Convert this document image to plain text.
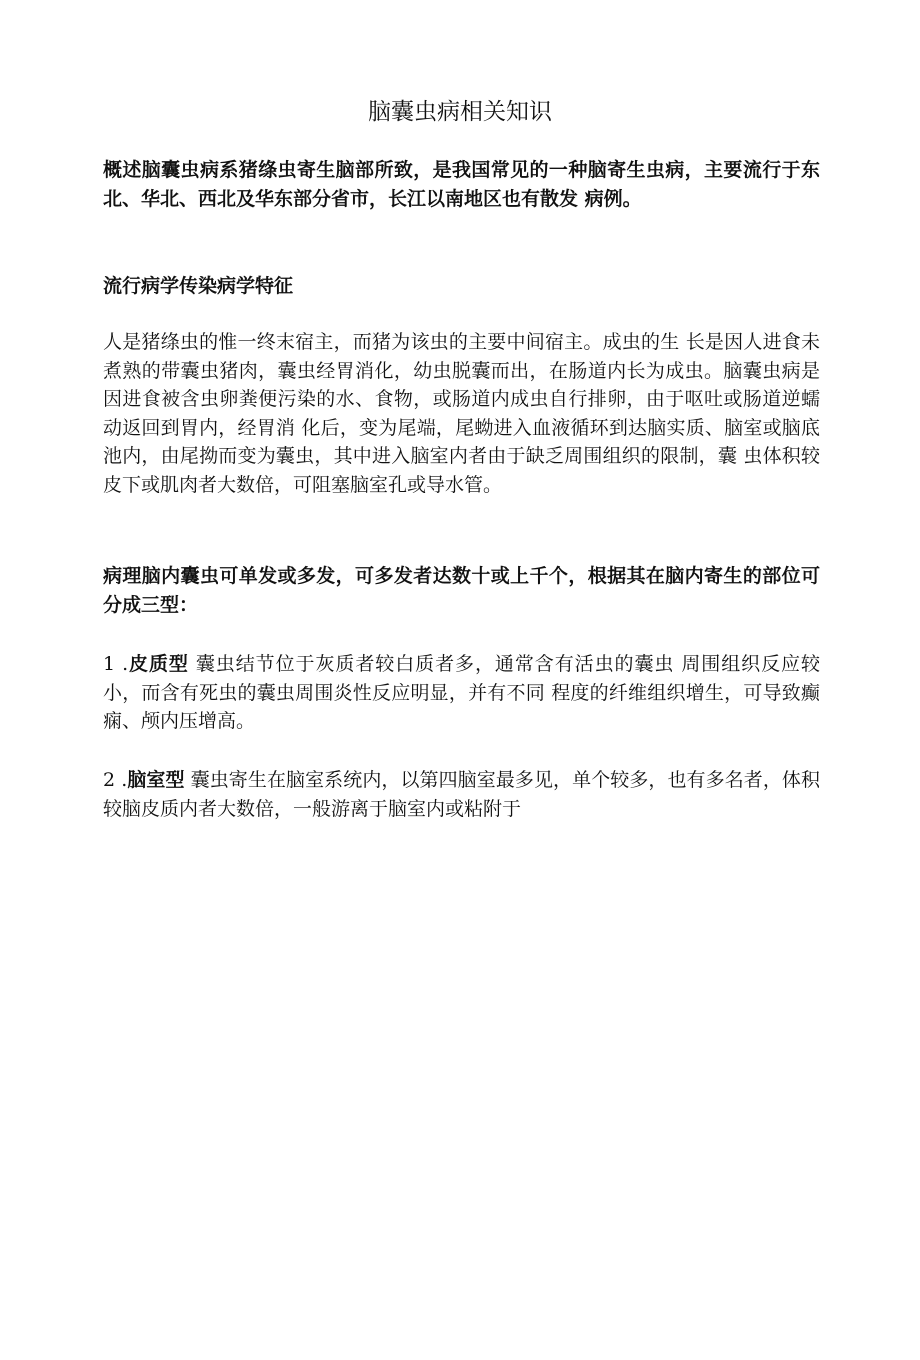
脑囊虫病相关知识

概述脑囊虫病系猪绦虫寄生脑部所致，是我国常见的一种脑寄生虫病，主要流行于东北、华北、西北及华东部分省市，长江以南地区也有散发 病例。

流行病学传染病学特征

人是猪绦虫的惟一终末宿主，而猪为该虫的主要中间宿主。成虫的生 长是因人进食未煮熟的带囊虫猪肉，囊虫经胃消化，幼虫脱囊而出，在肠道内长为成虫。脑囊虫病是因进食被含虫卵粪便污染的水、食物，或肠道内成虫自行排卵，由于呕吐或肠道逆蠕动返回到胃内，经胃消 化后，变为尾端，尾蚴进入血液循环到达脑实质、脑室或脑底池内，由尾拗而变为囊虫，其中进入脑室内者由于缺乏周围组织的限制，囊 虫体积较皮下或肌肉者大数倍，可阻塞脑室孔或导水管。

病理脑内囊虫可单发或多发，可多发者达数十或上千个，根据其在脑内寄生的部位可分成三型：

1 .皮质型 囊虫结节位于灰质者较白质者多，通常含有活虫的囊虫 周围组织反应较小，而含有死虫的囊虫周围炎性反应明显，并有不同 程度的纤维组织增生，可导致癫痫、颅内压增高。

2 .脑室型 囊虫寄生在脑室系统内，以第四脑室最多见，单个较多，也有多名者，体积较脑皮质内者大数倍，一般游离于脑室内或粘附于
